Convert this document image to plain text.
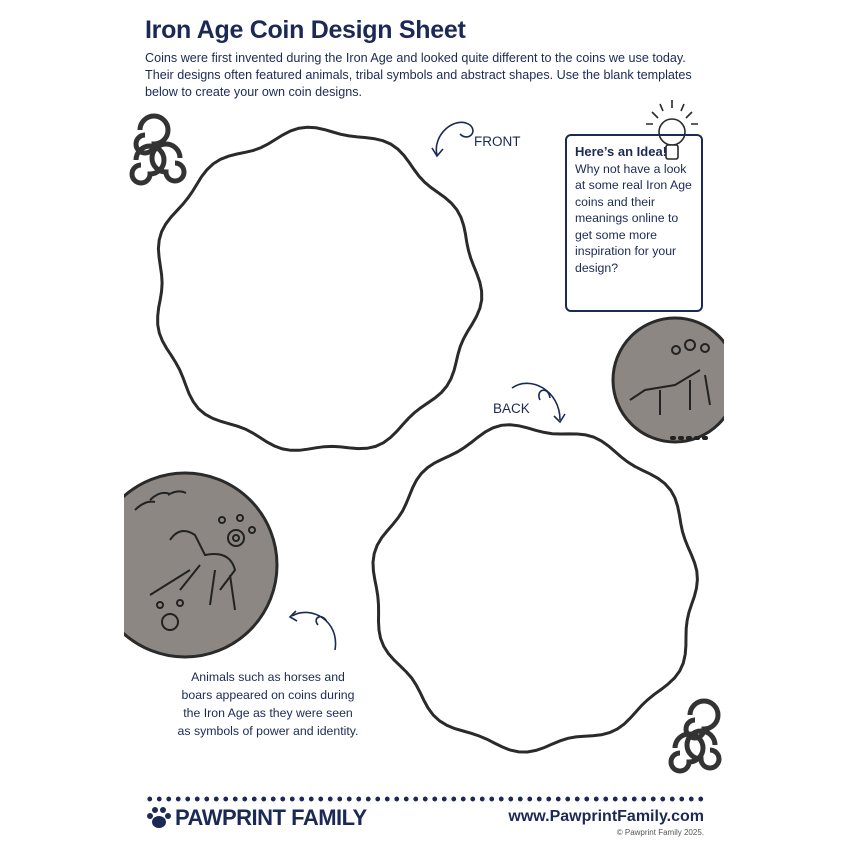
Iron Age Coin Design Sheet
Coins were first invented during the Iron Age and looked quite different to the coins we use today. Their designs often featured animals, tribal symbols and abstract shapes. Use the blank templates below to create your own coin designs.
FRONT
BACK
Here’s an Idea!
Why not have a look at some real Iron Age coins and their meanings online to get some more inspiration for your design?
Animals such as horses and boars appeared on coins during the Iron Age as they were seen as symbols of power and identity.
PAWPRINT FAMILY	www.PawprintFamily.com
© Pawprint Family 2025.
